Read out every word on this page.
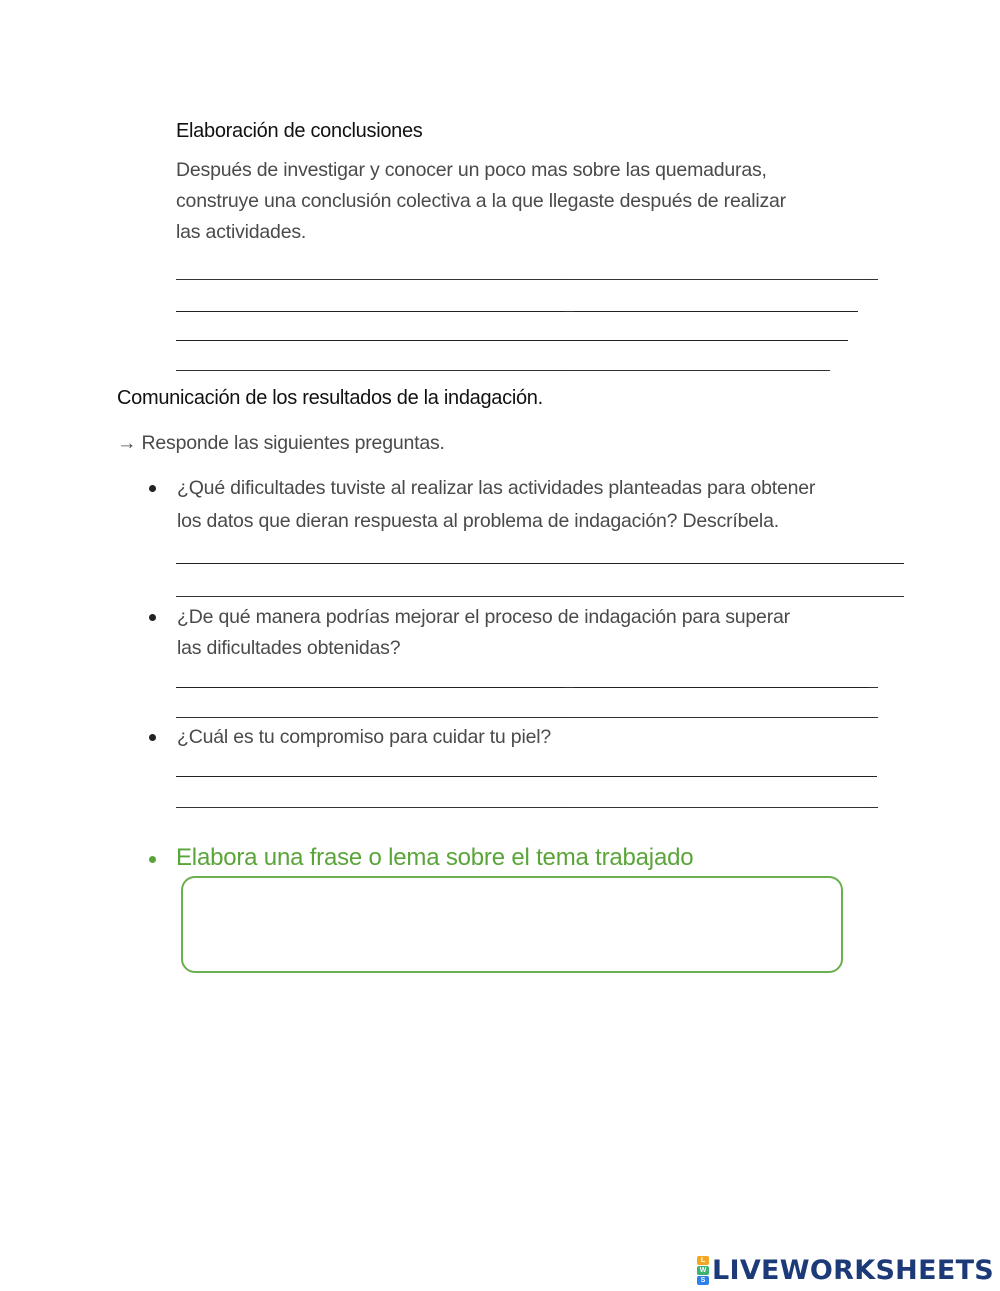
Elaboración de conclusiones
Después de investigar y conocer un poco mas sobre las quemaduras,
construye una conclusión colectiva a la que llegaste después de realizar
las actividades.
_	_
_
_	_
Comunicación de los resultados de la indagación.
→ Responde las siguientes preguntas.
¿Qué dificultades tuviste al realizar las actividades planteadas para obtener
los datos que dieran respuesta al problema de indagación? Descríbela.
_
¿De qué manera podrías mejorar el proceso de indagación para superar
las dificultades obtenidas?
_	_
_	_
¿Cuál es tu compromiso para cuidar tu piel?
_	_
Elabora una frase o lema sobre el tema trabajado
L
W
S LIVEWORKSHEETS
